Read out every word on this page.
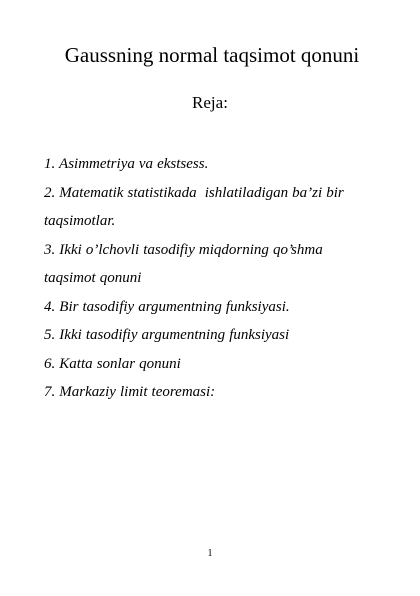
Gaussning normal taqsimot qonuni
Reja:
1. Asimmetriya va ekstsess.
2. Matematik statistikada  ishlatiladigan ba’zi bir
taqsimotlar.
3. Ikki o’lchovli tasodifiy miqdorning qo’shma
taqsimot qonuni
4. Bir tasodifiy argumentning funksiyasi.
5. Ikki tasodifiy argumentning funksiyasi
6. Katta sonlar qonuni
7. Markaziy limit teoremasi:
1
